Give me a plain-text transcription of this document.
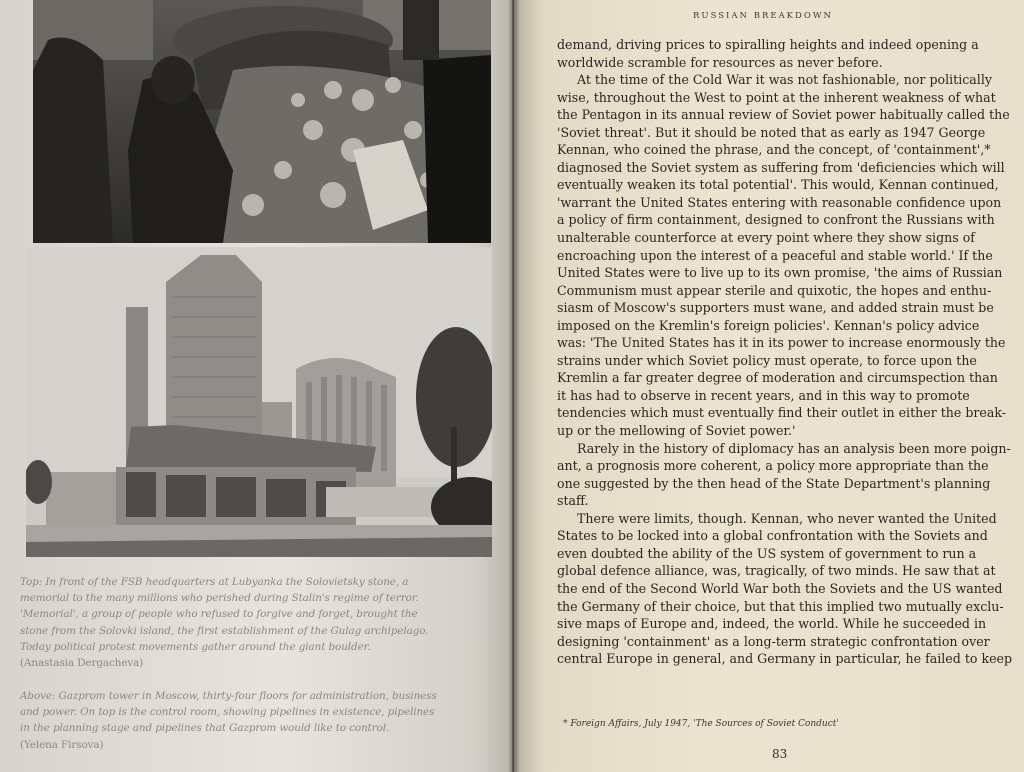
Top: In front of the FSB headquarters at Lubyanka the Solovietsky stone, a
memorial to the many millions who perished during Stalin's regime of terror.
'Memorial', a group of people who refused to forgive and forget, brought the
stone from the Solovki island, the first establishment of the Gulag archipelago.
Today political protest movements gather around the giant boulder.
(Anastasia Dergacheva)
Above: Gazprom tower in Moscow, thirty-four floors for administration, business
and power. On top is the control room, showing pipelines in existence, pipelines
in the planning stage and pipelines that Gazprom would like to control.
(Yelena Firsova)
RUSSIAN BREAKDOWN
demand, driving prices to spiralling heights and indeed opening a
worldwide scramble for resources as never before.
At the time of the Cold War it was not fashionable, nor politically
wise, throughout the West to point at the inherent weakness of what
the Pentagon in its annual review of Soviet power habitually called the
'Soviet threat'. But it should be noted that as early as 1947 George
Kennan, who coined the phrase, and the concept, of 'containment',*
diagnosed the Soviet system as suffering from 'deficiencies which will
eventually weaken its total potential'. This would, Kennan continued,
'warrant the United States entering with reasonable confidence upon
a policy of firm containment, designed to confront the Russians with
unalterable counterforce at every point where they show signs of
encroaching upon the interest of a peaceful and stable world.' If the
United States were to live up to its own promise, 'the aims of Russian
Communism must appear sterile and quixotic, the hopes and enthu-
siasm of Moscow's supporters must wane, and added strain must be
imposed on the Kremlin's foreign policies'. Kennan's policy advice
was: 'The United States has it in its power to increase enormously the
strains under which Soviet policy must operate, to force upon the
Kremlin a far greater degree of moderation and circumspection than
it has had to observe in recent years, and in this way to promote
tendencies which must eventually find their outlet in either the break-
up or the mellowing of Soviet power.'
Rarely in the history of diplomacy has an analysis been more poign-
ant, a prognosis more coherent, a policy more appropriate than the
one suggested by the then head of the State Department's planning
staff.
There were limits, though. Kennan, who never wanted the United
States to be locked into a global confrontation with the Soviets and
even doubted the ability of the US system of government to run a
global defence alliance, was, tragically, of two minds. He saw that at
the end of the Second World War both the Soviets and the US wanted
the Germany of their choice, but that this implied two mutually exclu-
sive maps of Europe and, indeed, the world. While he succeeded in
designing 'containment' as a long-term strategic confrontation over
central Europe in general, and Germany in particular, he failed to keep
* Foreign Affairs, July 1947, 'The Sources of Soviet Conduct'
83
